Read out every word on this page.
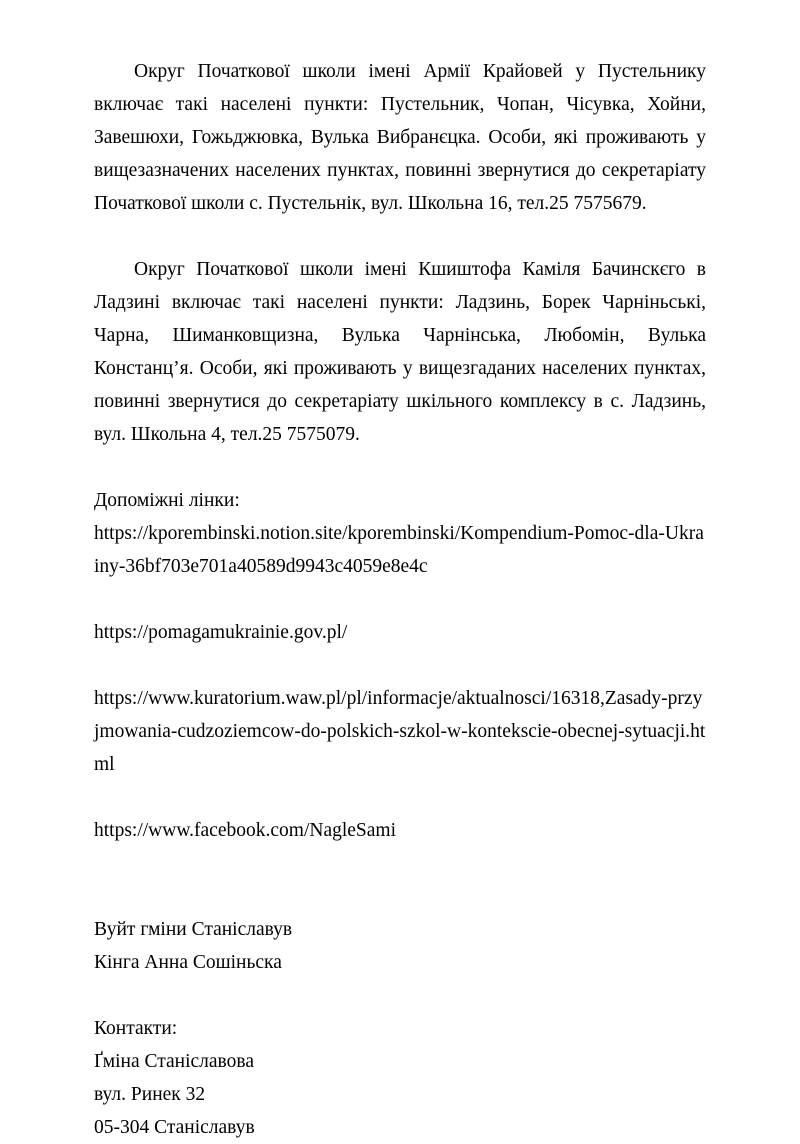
Округ Початкової школи імені Армії Крайовей у Пустельнику включає такі населені пункти: Пустельник, Чопан, Чісувка, Хойни, Завешюхи, Гожьджювка, Вулька Вибранєцка. Особи, які проживають у вищезазначених населених пунктах, повинні звернутися до секретаріату Початкової школи с. Пустельнік, вул. Школьна 16, тел.25 7575679.

Округ Початкової школи імені Кшиштофа Каміля Бачинскєго в Ладзині включає такі населені пункти: Ладзинь, Борек Чарніньські, Чарна, Шиманковщизна, Вулька Чарнінська, Любомін, Вулька Констанц’я. Особи, які проживають у вищезгаданих населених пунктах, повинні звернутися до секретаріату шкільного комплексу в с. Ладзинь, вул. Школьна 4, тел.25 7575079.

Допоміжні лінки:
https://kporembinski.notion.site/kporembinski/Kompendium-Pomoc-dla-Ukrainy-36bf703e701a40589d9943c4059e8e4c
https://pomagamukrainie.gov.pl/
https://www.kuratorium.waw.pl/pl/informacje/aktualnosci/16318,Zasady-przyjmowania-cudzoziemcow-do-polskich-szkol-w-kontekscie-obecnej-sytuacji.html
https://www.facebook.com/NagleSami
Вуйт гміни Станіславув
Кінга Анна Сошіньска
Контакти:
Ґміна Станіславова
вул. Ринек 32
05-304 Станіславув
